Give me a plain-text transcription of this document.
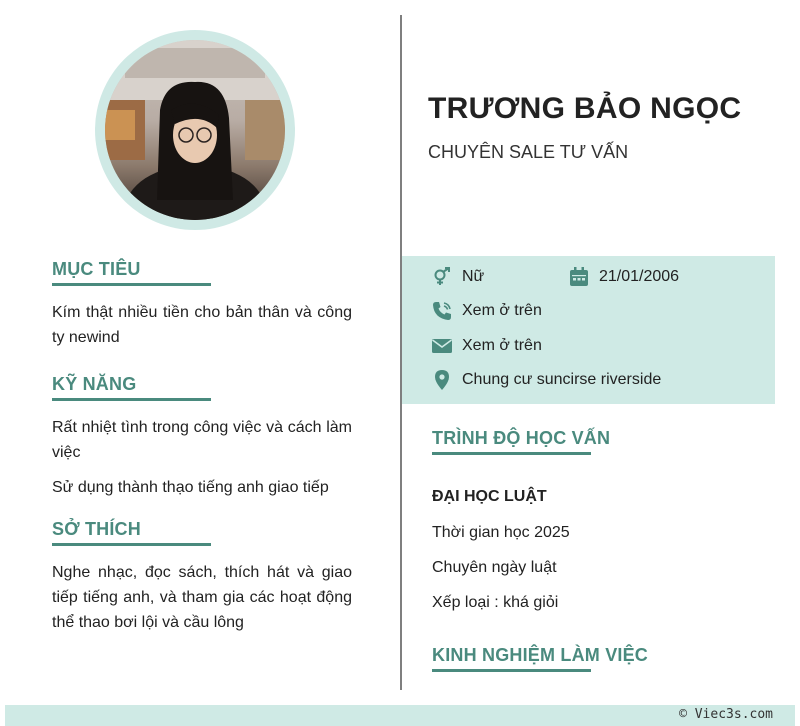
MỤC TIÊU
Kím thật nhiều tiền cho bản thân và công ty newind
KỸ NĂNG
Rất nhiệt tình trong công việc và cách làm việc
Sử dụng thành thạo tiếng anh giao tiếp
SỞ THÍCH
Nghe nhạc, đọc sách, thích hát và giao tiếp tiếng anh, và tham gia các hoạt động thể thao bơi lội và cầu lông
TRƯƠNG BẢO NGỌC
CHUYÊN SALE TƯ VẤN
Nữ	21/01/2006
Xem ở trên
Xem ở trên
Chung cư suncirse riverside
TRÌNH ĐỘ HỌC VẤN
ĐẠI HỌC LUẬT
Thời gian học 2025
Chuyên ngày luật
Xếp loại : khá giỏi
KINH NGHIỆM LÀM VIỆC
© Viec3s.com
